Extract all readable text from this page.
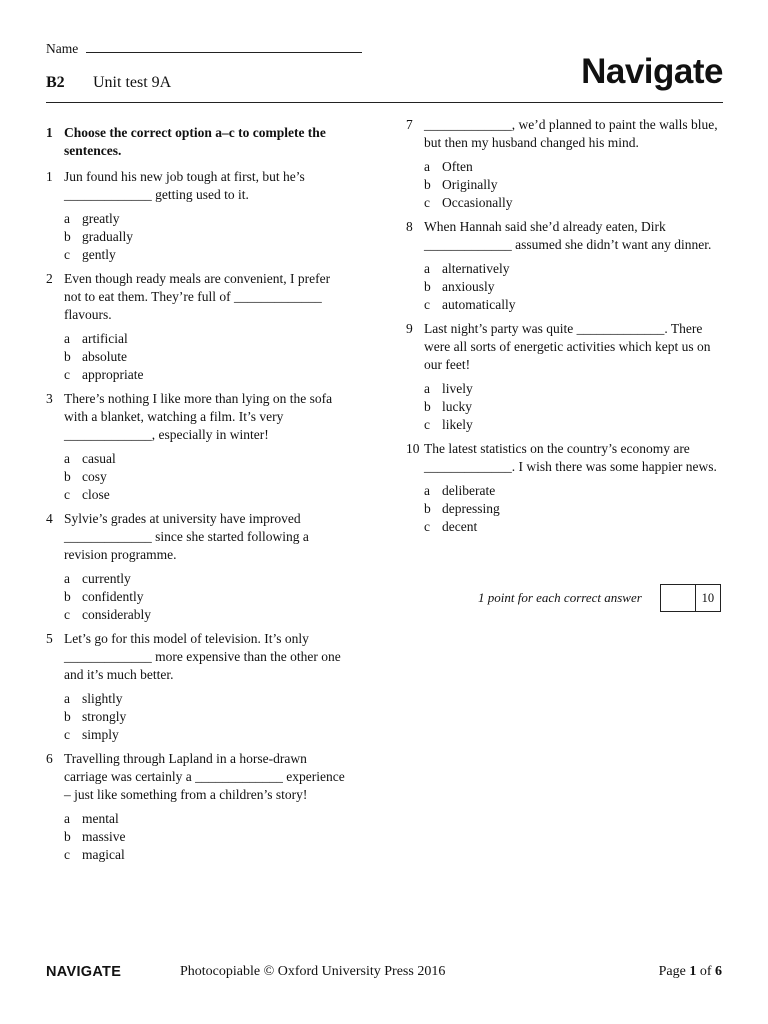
Name
B2 Unit test 9A	Navigate
1 Choose the correct option a–c to complete the sentences.
1 Jun found his new job tough at first, but he’s _____________ getting used to it.
a greatly
b gradually
c gently
2 Even though ready meals are convenient, I prefer not to eat them. They’re full of _____________ flavours.
a artificial
b absolute
c appropriate
3 There’s nothing I like more than lying on the sofa with a blanket, watching a film. It’s very _____________, especially in winter!
a casual
b cosy
c close
4 Sylvie’s grades at university have improved _____________ since she started following a revision programme.
a currently
b confidently
c considerably
5 Let’s go for this model of television. It’s only _____________ more expensive than the other one and it’s much better.
a slightly
b strongly
c simply
6 Travelling through Lapland in a horse-drawn carriage was certainly a _____________ experience – just like something from a children’s story!
a mental
b massive
c magical
7 _____________, we’d planned to paint the walls blue, but then my husband changed his mind.
a Often
b Originally
c Occasionally
8 When Hannah said she’d already eaten, Dirk _____________ assumed she didn’t want any dinner.
a alternatively
b anxiously
c automatically
9 Last night’s party was quite _____________. There were all sorts of energetic activities which kept us on our feet!
a lively
b lucky
c likely
10 The latest statistics on the country’s economy are _____________. I wish there was some happier news.
a deliberate
b depressing
c decent
1 point for each correct answer	10
NAVIGATE	Photocopiable © Oxford University Press 2016	Page 1 of 6
